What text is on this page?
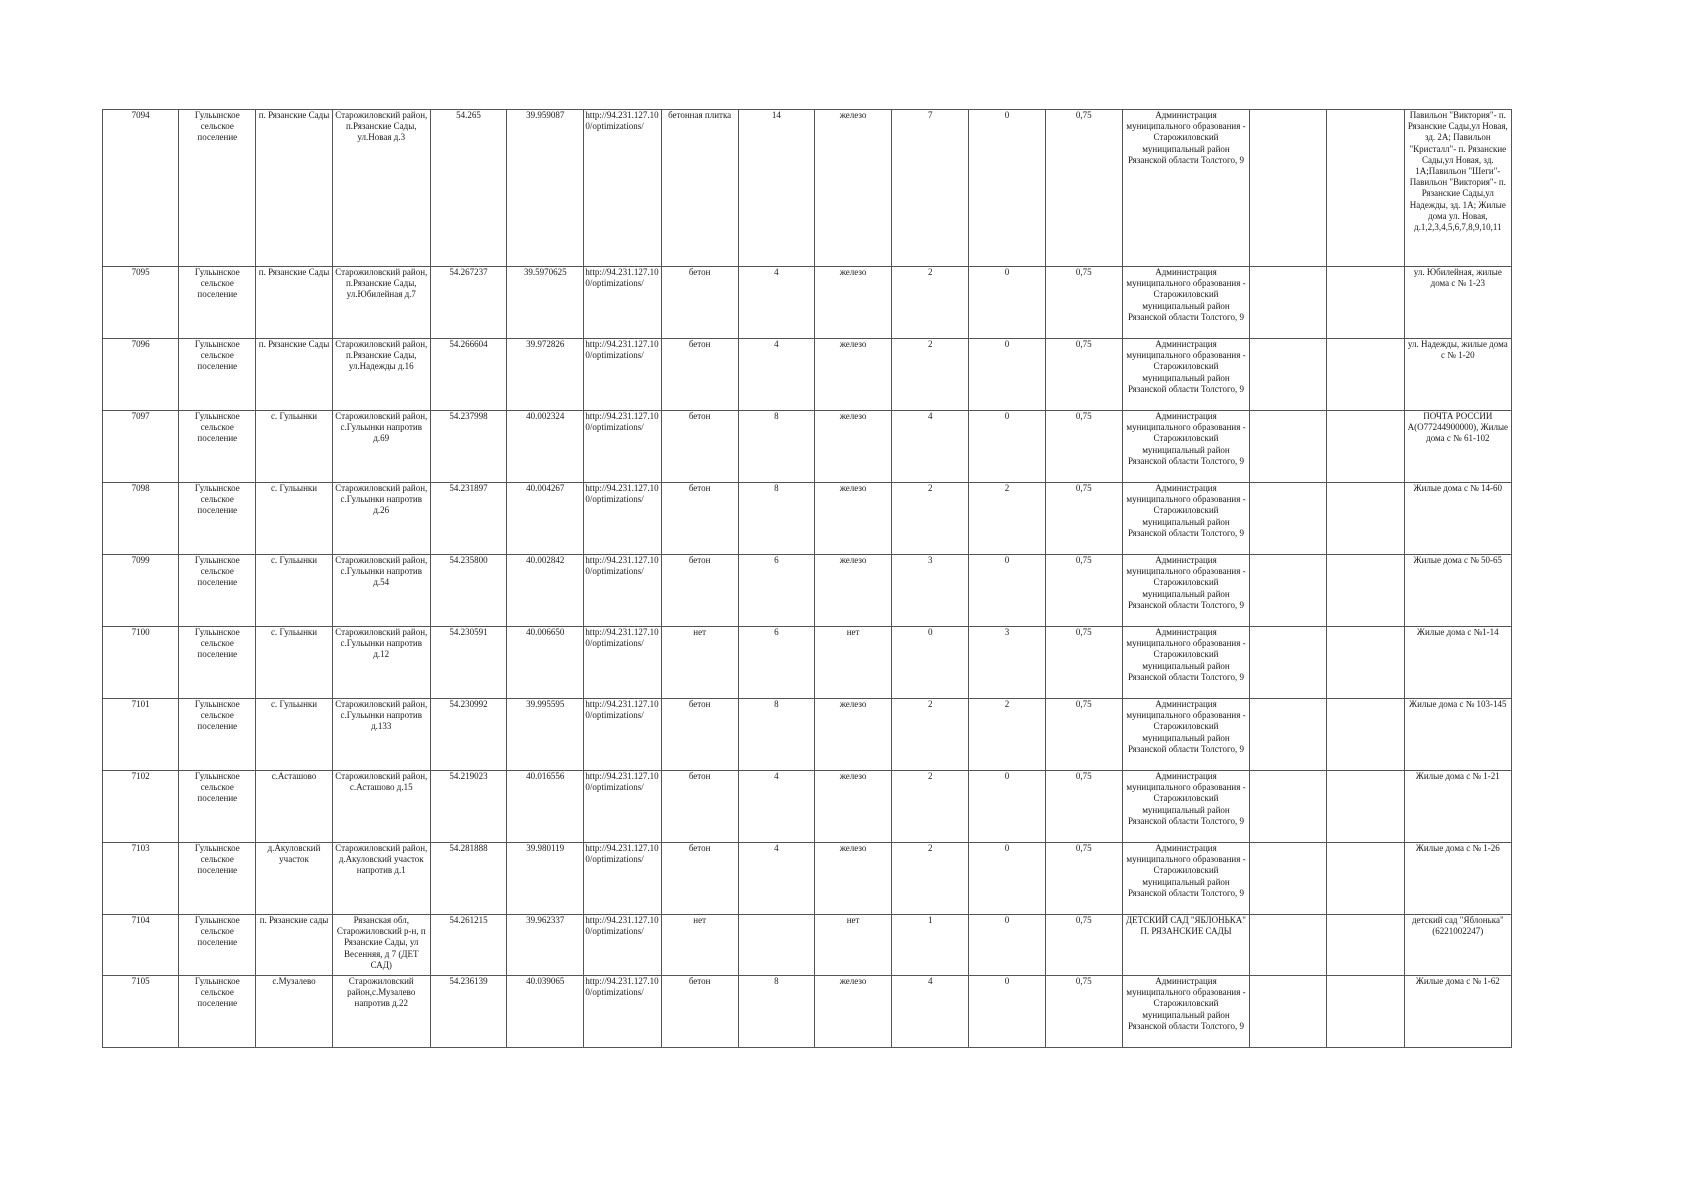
7094	Гульынское сельское поселение	п. Рязанские Сады	Старожиловский район, п.Рязанские Сады, ул.Новая д.3	54.265	39.959087	http://94.231.127.100/optimizations/	бетонная плитка	14	железо	7	0	0,75	Администрация муниципального образования - Старожиловский муниципальный район Рязанской области Толстого, 9			Павильон "Виктория"- п. Рязанские Сады,ул Новая, зд. 2А; Павильон "Кристалл"- п. Рязанские Сады,ул Новая, зд. 1А;Павильон "Шеги"- Павильон "Виктория"- п. Рязанские Сады,ул Надежды, зд. 1А; Жилые дома ул. Новая, д.1,2,3,4,5,6,7,8,9,10,11
7095	Гульынское сельское поселение	п. Рязанские Сады	Старожиловский район, п.Рязанские Сады, ул.Юбилейная д.7	54.267237	39.5970625	http://94.231.127.100/optimizations/	бетон	4	железо	2	0	0,75	Администрация муниципального образования - Старожиловский муниципальный район Рязанской области Толстого, 9			ул. Юбилейная, жилые дома с № 1-23
7096	Гульынское сельское поселение	п. Рязанские Сады	Старожиловский район, п.Рязанские Сады, ул.Надежды д.16	54.266604	39.972826	http://94.231.127.100/optimizations/	бетон	4	железо	2	0	0,75	Администрация муниципального образования - Старожиловский муниципальный район Рязанской области Толстого, 9			ул. Надежды, жилые дома с № 1-20
7097	Гульынское сельское поселение	с. Гульынки	Старожиловский район, с.Гульынки напротив д.69	54.237998	40.002324	http://94.231.127.100/optimizations/	бетон	8	железо	4	0	0,75	Администрация муниципального образования - Старожиловский муниципальный район Рязанской области Толстого, 9			ПОЧТА РОССИИ А(О77244900000), Жилые дома с № 61-102
7098	Гульынское сельское поселение	с. Гульынки	Старожиловский район, с.Гульынки напротив д.26	54.231897	40.004267	http://94.231.127.100/optimizations/	бетон	8	железо	2	2	0,75	Администрация муниципального образования - Старожиловский муниципальный район Рязанской области Толстого, 9			Жилые дома с № 14-60
7099	Гульынское сельское поселение	с. Гульынки	Старожиловский район, с.Гульынки напротив д.54	54.235800	40.002842	http://94.231.127.100/optimizations/	бетон	6	железо	3	0	0,75	Администрация муниципального образования - Старожиловский муниципальный район Рязанской области Толстого, 9			Жилые дома с № 50-65
7100	Гульынское сельское поселение	с. Гульынки	Старожиловский район, с.Гульынки напротив д.12	54.230591	40.006650	http://94.231.127.100/optimizations/	нет	6	нет	0	3	0,75	Администрация муниципального образования - Старожиловский муниципальный район Рязанской области Толстого, 9			Жилые дома с №1-14
7101	Гульынское сельское поселение	с. Гульынки	Старожиловский район, с.Гульынки напротив д.133	54.230992	39.995595	http://94.231.127.100/optimizations/	бетон	8	железо	2	2	0,75	Администрация муниципального образования - Старожиловский муниципальный район Рязанской области Толстого, 9			Жилые дома с № 103-145
7102	Гульынское сельское поселение	с.Асташово	Старожиловский район, с.Асташово д.15	54.219023	40.016556	http://94.231.127.100/optimizations/	бетон	4	железо	2	0	0,75	Администрация муниципального образования - Старожиловский муниципальный район Рязанской области Толстого, 9			Жилые дома с № 1-21
7103	Гульынское сельское поселение	д.Акуловский участок	Старожиловский район, д.Акуловский участок напротив д.1	54.281888	39.980119	http://94.231.127.100/optimizations/	бетон	4	железо	2	0	0,75	Администрация муниципального образования - Старожиловский муниципальный район Рязанской области Толстого, 9			Жилые дома с № 1-26
7104	Гульынское сельское поселение	п. Рязанские сады	Рязанская обл, Старожиловский р-н, п Рязанские Сады, ул Весенняя, д 7 (ДЕТ САД)	54.261215	39.962337	http://94.231.127.100/optimizations/	нет		нет	1	0	0,75	ДЕТСКИЙ САД "ЯБЛОНЬКА" П. РЯЗАНСКИЕ САДЫ			детский сад "Яблонька"(6221002247)
7105	Гульынское сельское поселение	с.Музалево	Старожиловский район,с.Музалево напротив д.22	54.236139	40.039065	http://94.231.127.100/optimizations/	бетон	8	железо	4	0	0,75	Администрация муниципального образования - Старожиловский муниципальный район Рязанской области Толстого, 9			Жилые дома с № 1-62
